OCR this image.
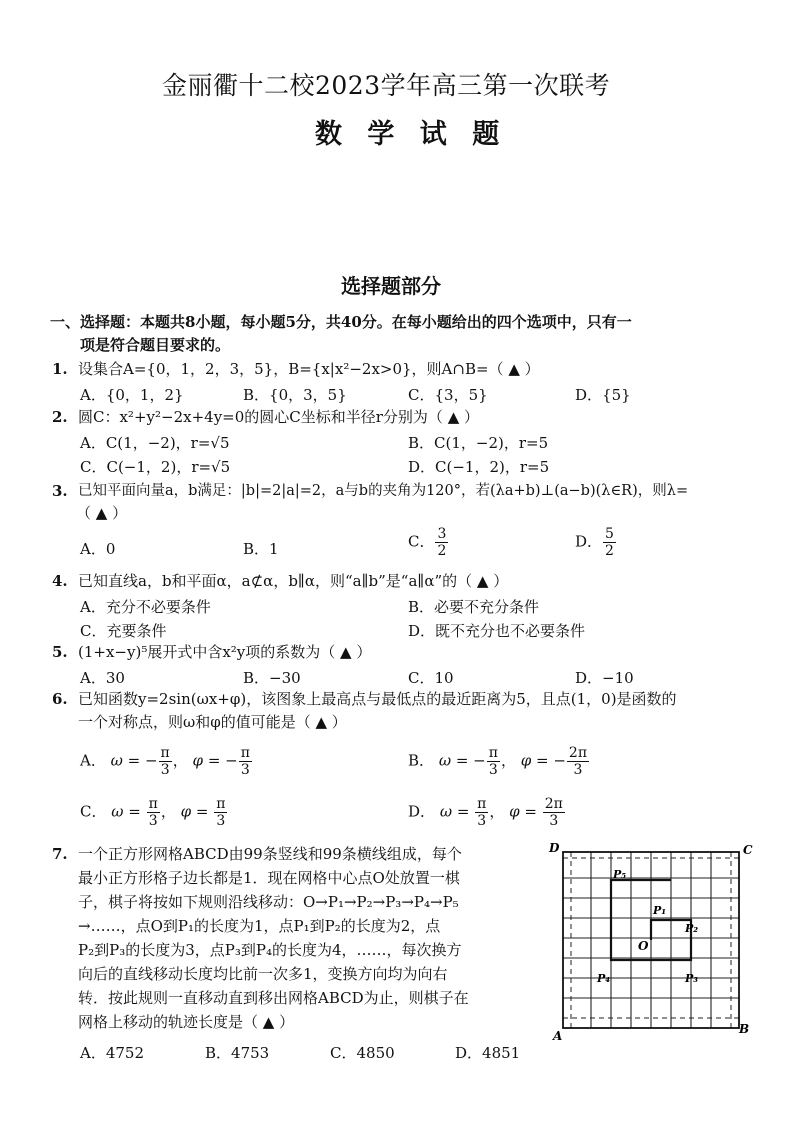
金丽衢十二校2023学年高三第一次联考
数 学 试 题
选择题部分
一、选择题：本题共8小题，每小题5分，共40分。在每小题给出的四个选项中，只有一
项是符合题目要求的。
1. 设集合A={0，1，2，3，5}，B={x|x²−2x>0}，则A∩B=（ ▲ ）
A．{0，1，2}	B．{0，3，5}	C．{3，5}	D．{5}
2. 圆C：x²+y²−2x+4y=0的圆心C坐标和半径r分别为（ ▲ ）
A．C(1，−2)，r=√5	B．C(1，−2)，r=5
C．C(−1，2)，r=√5	D．C(−1，2)，r=5
3. 已知平面向量a，b满足：|b|=2|a|=2，a与b的夹角为120°，若(λa+b)⊥(a−b)(λ∈R)，则λ=
（ ▲ ）
A．0	B．1	C． $\frac{3}{2}$	D． $\frac{5}{2}$
4. 已知直线a，b和平面α，a⊄α，b∥α，则“a∥b”是“a∥α”的（ ▲ ）
A．充分不必要条件	B．必要不充分条件
C．充要条件	D．既不充分也不必要条件
5. (1+x−y)⁵展开式中含x²y项的系数为（ ▲ ）
A．30	B．−30	C．10	D．−10
6. 已知函数y=2sin(ωx+φ)，该图象上最高点与最低点的最近距离为5，且点(1，0)是函数的
一个对称点，则ω和φ的值可能是（ ▲ ）
A． ω = − $\frac{\pi}{3}$ ， φ = − $\frac{\pi}{3}$	B． ω = − $\frac{\pi}{3}$ ， φ = − $\frac{2\pi}{3}$
C． $\omega = \frac{\pi}{3}$ ， $\varphi = \frac{\pi}{3}$	D． $\omega = \frac{\pi}{3}$ ， $\varphi = \frac{2\pi}{3}$
7. 一个正方形网格ABCD由99条竖线和99条横线组成，每个
最小正方形格子边长都是1．现在网格中心点O处放置一棋
子，棋子将按如下规则沿线移动：O→P₁→P₂→P₃→P₄→P₅
→……，点O到P₁的长度为1，点P₁到P₂的长度为2，点
P₂到P₃的长度为3，点P₃到P₄的长度为4，……，每次换方
向后的直线移动长度均比前一次多1，变换方向均为向右
转．按此规则一直移动直到移出网格ABCD为止，则棋子在
网格上移动的轨迹长度是（ ▲ ）
A．4752	B．4753	C．4850	D．4851
D	C
A	B
O
P₁
P₂
P₃
P₄
P₅
